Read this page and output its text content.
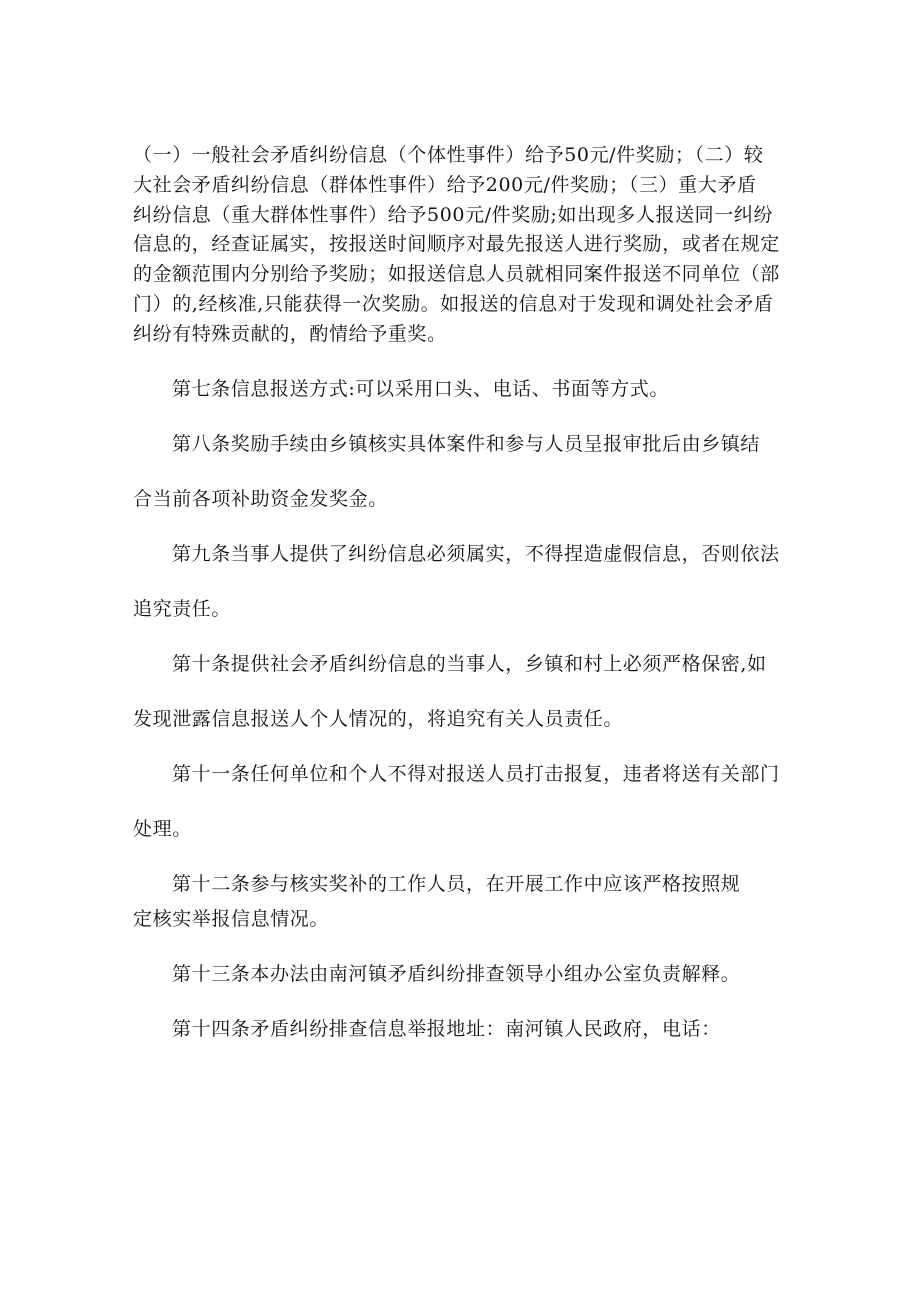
（一）一般社会矛盾纠纷信息（个体性事件）给予50元/件奖励；（二）较
大社会矛盾纠纷信息（群体性事件）给予200元/件奖励；（三）重大矛盾
纠纷信息（重大群体性事件）给予500元/件奖励;如出现多人报送同一纠纷
信息的，经查证属实，按报送时间顺序对最先报送人进行奖励，或者在规定
的金额范围内分别给予奖励；如报送信息人员就相同案件报送不同单位（部
门）的,经核准,只能获得一次奖励。如报送的信息对于发现和调处社会矛盾
纠纷有特殊贡献的，酌情给予重奖。
第七条信息报送方式:可以采用口头、电话、书面等方式。
第八条奖励手续由乡镇核实具体案件和参与人员呈报审批后由乡镇结
合当前各项补助资金发奖金。
第九条当事人提供了纠纷信息必须属实，不得捏造虚假信息，否则依法
追究责任。
第十条提供社会矛盾纠纷信息的当事人，乡镇和村上必须严格保密,如
发现泄露信息报送人个人情况的，将追究有关人员责任。
第十一条任何单位和个人不得对报送人员打击报复，违者将送有关部门
处理。
第十二条参与核实奖补的工作人员，在开展工作中应该严格按照规
定核实举报信息情况。
第十三条本办法由南河镇矛盾纠纷排查领导小组办公室负责解释。
第十四条矛盾纠纷排查信息举报地址：南河镇人民政府，电话：
